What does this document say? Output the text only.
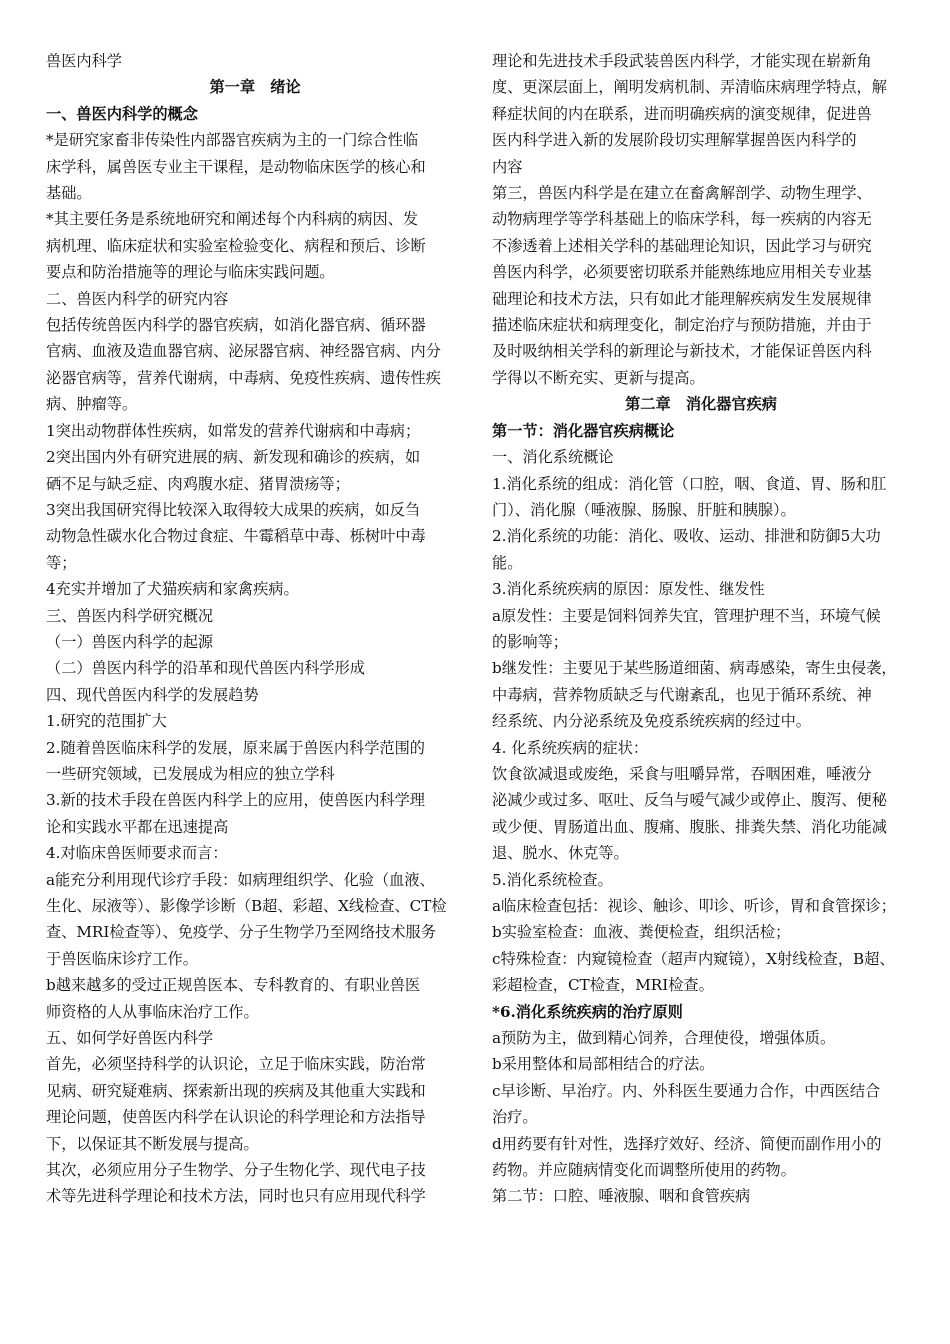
兽医内科学
第一章　绪论
一、兽医内科学的概念
*是研究家畜非传染性内部器官疾病为主的一门综合性临
床学科，属兽医专业主干课程，是动物临床医学的核心和
基础。
*其主要任务是系统地研究和阐述每个内科病的病因、发
病机理、临床症状和实验室检验变化、病程和预后、诊断
要点和防治措施等的理论与临床实践问题。
二、兽医内科学的研究内容
包括传统兽医内科学的器官疾病，如消化器官病、循环器
官病、血液及造血器官病、泌尿器官病、神经器官病、内分
泌器官病等，营养代谢病，中毒病、免疫性疾病、遗传性疾
病、肿瘤等。
1突出动物群体性疾病，如常发的营养代谢病和中毒病；
2突出国内外有研究进展的病、新发现和确诊的疾病，如
硒不足与缺乏症、肉鸡腹水症、猪胃溃疡等；
3突出我国研究得比较深入取得较大成果的疾病，如反刍
动物急性碳水化合物过食症、牛霉稻草中毒、栎树叶中毒
等；
4充实并增加了犬猫疾病和家禽疾病。
三、兽医内科学研究概况
（一）兽医内科学的起源
（二）兽医内科学的沿革和现代兽医内科学形成
四、现代兽医内科学的发展趋势
1.研究的范围扩大
2.随着兽医临床科学的发展，原来属于兽医内科学范围的
一些研究领域，已发展成为相应的独立学科
3.新的技术手段在兽医内科学上的应用，使兽医内科学理
论和实践水平都在迅速提高
4.对临床兽医师要求而言：
a能充分利用现代诊疗手段：如病理组织学、化验（血液、
生化、尿液等）、影像学诊断（B超、彩超、X线检查、CT检
查、MRI检查等）、免疫学、分子生物学乃至网络技术服务
于兽医临床诊疗工作。
b越来越多的受过正规兽医本、专科教育的、有职业兽医
师资格的人从事临床治疗工作。
五、如何学好兽医内科学
首先，必须坚持科学的认识论，立足于临床实践，防治常
见病、研究疑难病、探索新出现的疾病及其他重大实践和
理论问题，使兽医内科学在认识论的科学理论和方法指导
下，以保证其不断发展与提高。
其次，必须应用分子生物学、分子生物化学、现代电子技
术等先进科学理论和技术方法，同时也只有应用现代科学
理论和先进技术手段武装兽医内科学，才能实现在崭新角
度、更深层面上，阐明发病机制、弄清临床病理学特点，解
释症状间的内在联系，进而明确疾病的演变规律，促进兽
医内科学进入新的发展阶段切实理解掌握兽医内科学的
内容
第三，兽医内科学是在建立在畜禽解剖学、动物生理学、
动物病理学等学科基础上的临床学科，每一疾病的内容无
不渗透着上述相关学科的基础理论知识，因此学习与研究
兽医内科学，必须要密切联系并能熟练地应用相关专业基
础理论和技术方法，只有如此才能理解疾病发生发展规律
描述临床症状和病理变化，制定治疗与预防措施，并由于
及时吸纳相关学科的新理论与新技术，才能保证兽医内科
学得以不断充实、更新与提高。
第二章　消化器官疾病
第一节：消化器官疾病概论
一、消化系统概论
1.消化系统的组成：消化管（口腔，咽、食道、胃、肠和肛
门）、消化腺（唾液腺、肠腺、肝脏和胰腺）。
2.消化系统的功能：消化、吸收、运动、排泄和防御5大功
能。
3.消化系统疾病的原因：原发性、继发性
a原发性：主要是饲料饲养失宜，管理护理不当，环境气候
的影响等；
b继发性：主要见于某些肠道细菌、病毒感染，寄生虫侵袭，
中毒病，营养物质缺乏与代谢紊乱，也见于循环系统、神
经系统、内分泌系统及免疫系统疾病的经过中。
4. 化系统疾病的症状：
饮食欲减退或废绝，采食与咀嚼异常，吞咽困难，唾液分
泌减少或过多、呕吐、反刍与嗳气减少或停止、腹泻、便秘
或少便、胃肠道出血、腹痛、腹胀、排粪失禁、消化功能减
退、脱水、休克等。
5.消化系统检查。
a临床检查包括：视诊、触诊、叩诊、听诊，胃和食管探诊；
b实验室检查：血液、粪便检查，组织活检；
c特殊检查：内窥镜检查（超声内窥镜），X射线检查，B超、
彩超检查，CT检查，MRI检查。
*6.消化系统疾病的治疗原则
a预防为主，做到精心饲养，合理使役，增强体质。
b采用整体和局部相结合的疗法。
c早诊断、早治疗。内、外科医生要通力合作，中西医结合
治疗。
d用药要有针对性，选择疗效好、经济、简便而副作用小的
药物。并应随病情变化而调整所使用的药物。
第二节：口腔、唾液腺、咽和食管疾病
